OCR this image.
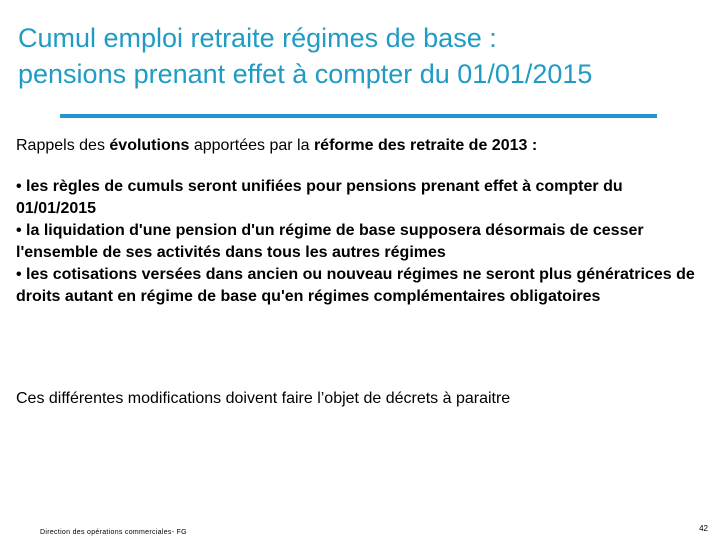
Cumul emploi retraite régimes de base :
pensions prenant effet à compter du 01/01/2015
Rappels des évolutions apportées par la réforme des retraite de 2013 :
• les règles de cumuls seront unifiées pour pensions prenant effet à compter du 01/01/2015
• la liquidation d'une pension d'un régime de base supposera désormais de cesser l'ensemble de ses activités dans tous les autres régimes
• les cotisations versées dans ancien ou nouveau régimes ne seront plus génératrices de droits autant en régime de base qu'en régimes complémentaires obligatoires
Ces différentes modifications doivent faire l’objet de décrets à paraitre
Direction des opérations commerciales- FG	42
